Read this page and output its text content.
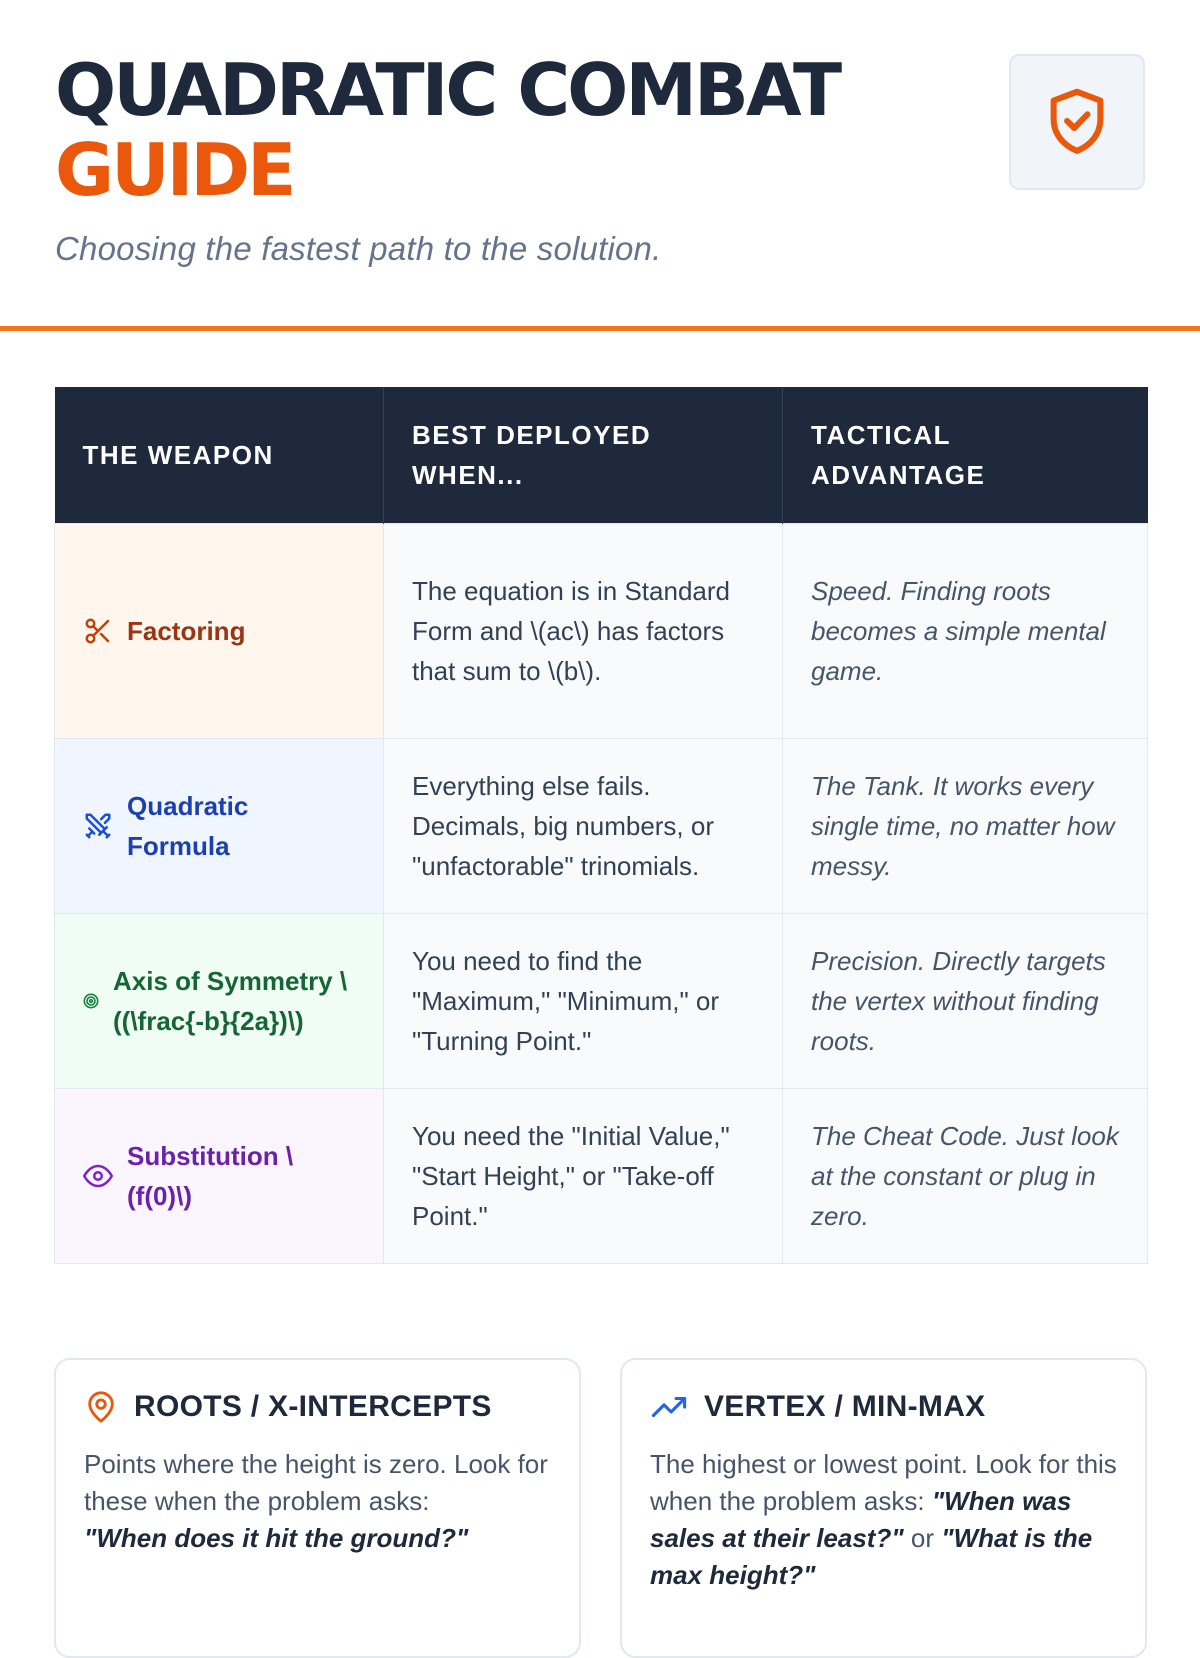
QUADRATIC COMBAT
GUIDE
Choosing the fastest path to the solution.
THE WEAPON	BEST DEPLOYED WHEN...	TACTICAL ADVANTAGE

Factoring	The equation is in Standard Form and \(ac\) has factors that sum to \(b\).	Speed. Finding roots becomes a simple mental game.

Quadratic Formula	Everything else fails. Decimals, big numbers, or "unfactorable" trinomials.	The Tank. It works every single time, no matter how messy.

Axis of Symmetry \((\frac{-b}{2a})\)	You need to find the "Maximum," "Minimum," or "Turning Point."	Precision. Directly targets the vertex without finding roots.

Substitution \(f(0)\)	You need the "Initial Value," "Start Height," or "Take-off Point."	The Cheat Code. Just look at the constant or plug in zero.
ROOTS / X-INTERCEPTS

Points where the height is zero. Look for these when the problem asks:
"When does it hit the ground?"

VERTEX / MIN-MAX

The highest or lowest point. Look for this when the problem asks: "When was sales at their least?" or "What is the max height?"
